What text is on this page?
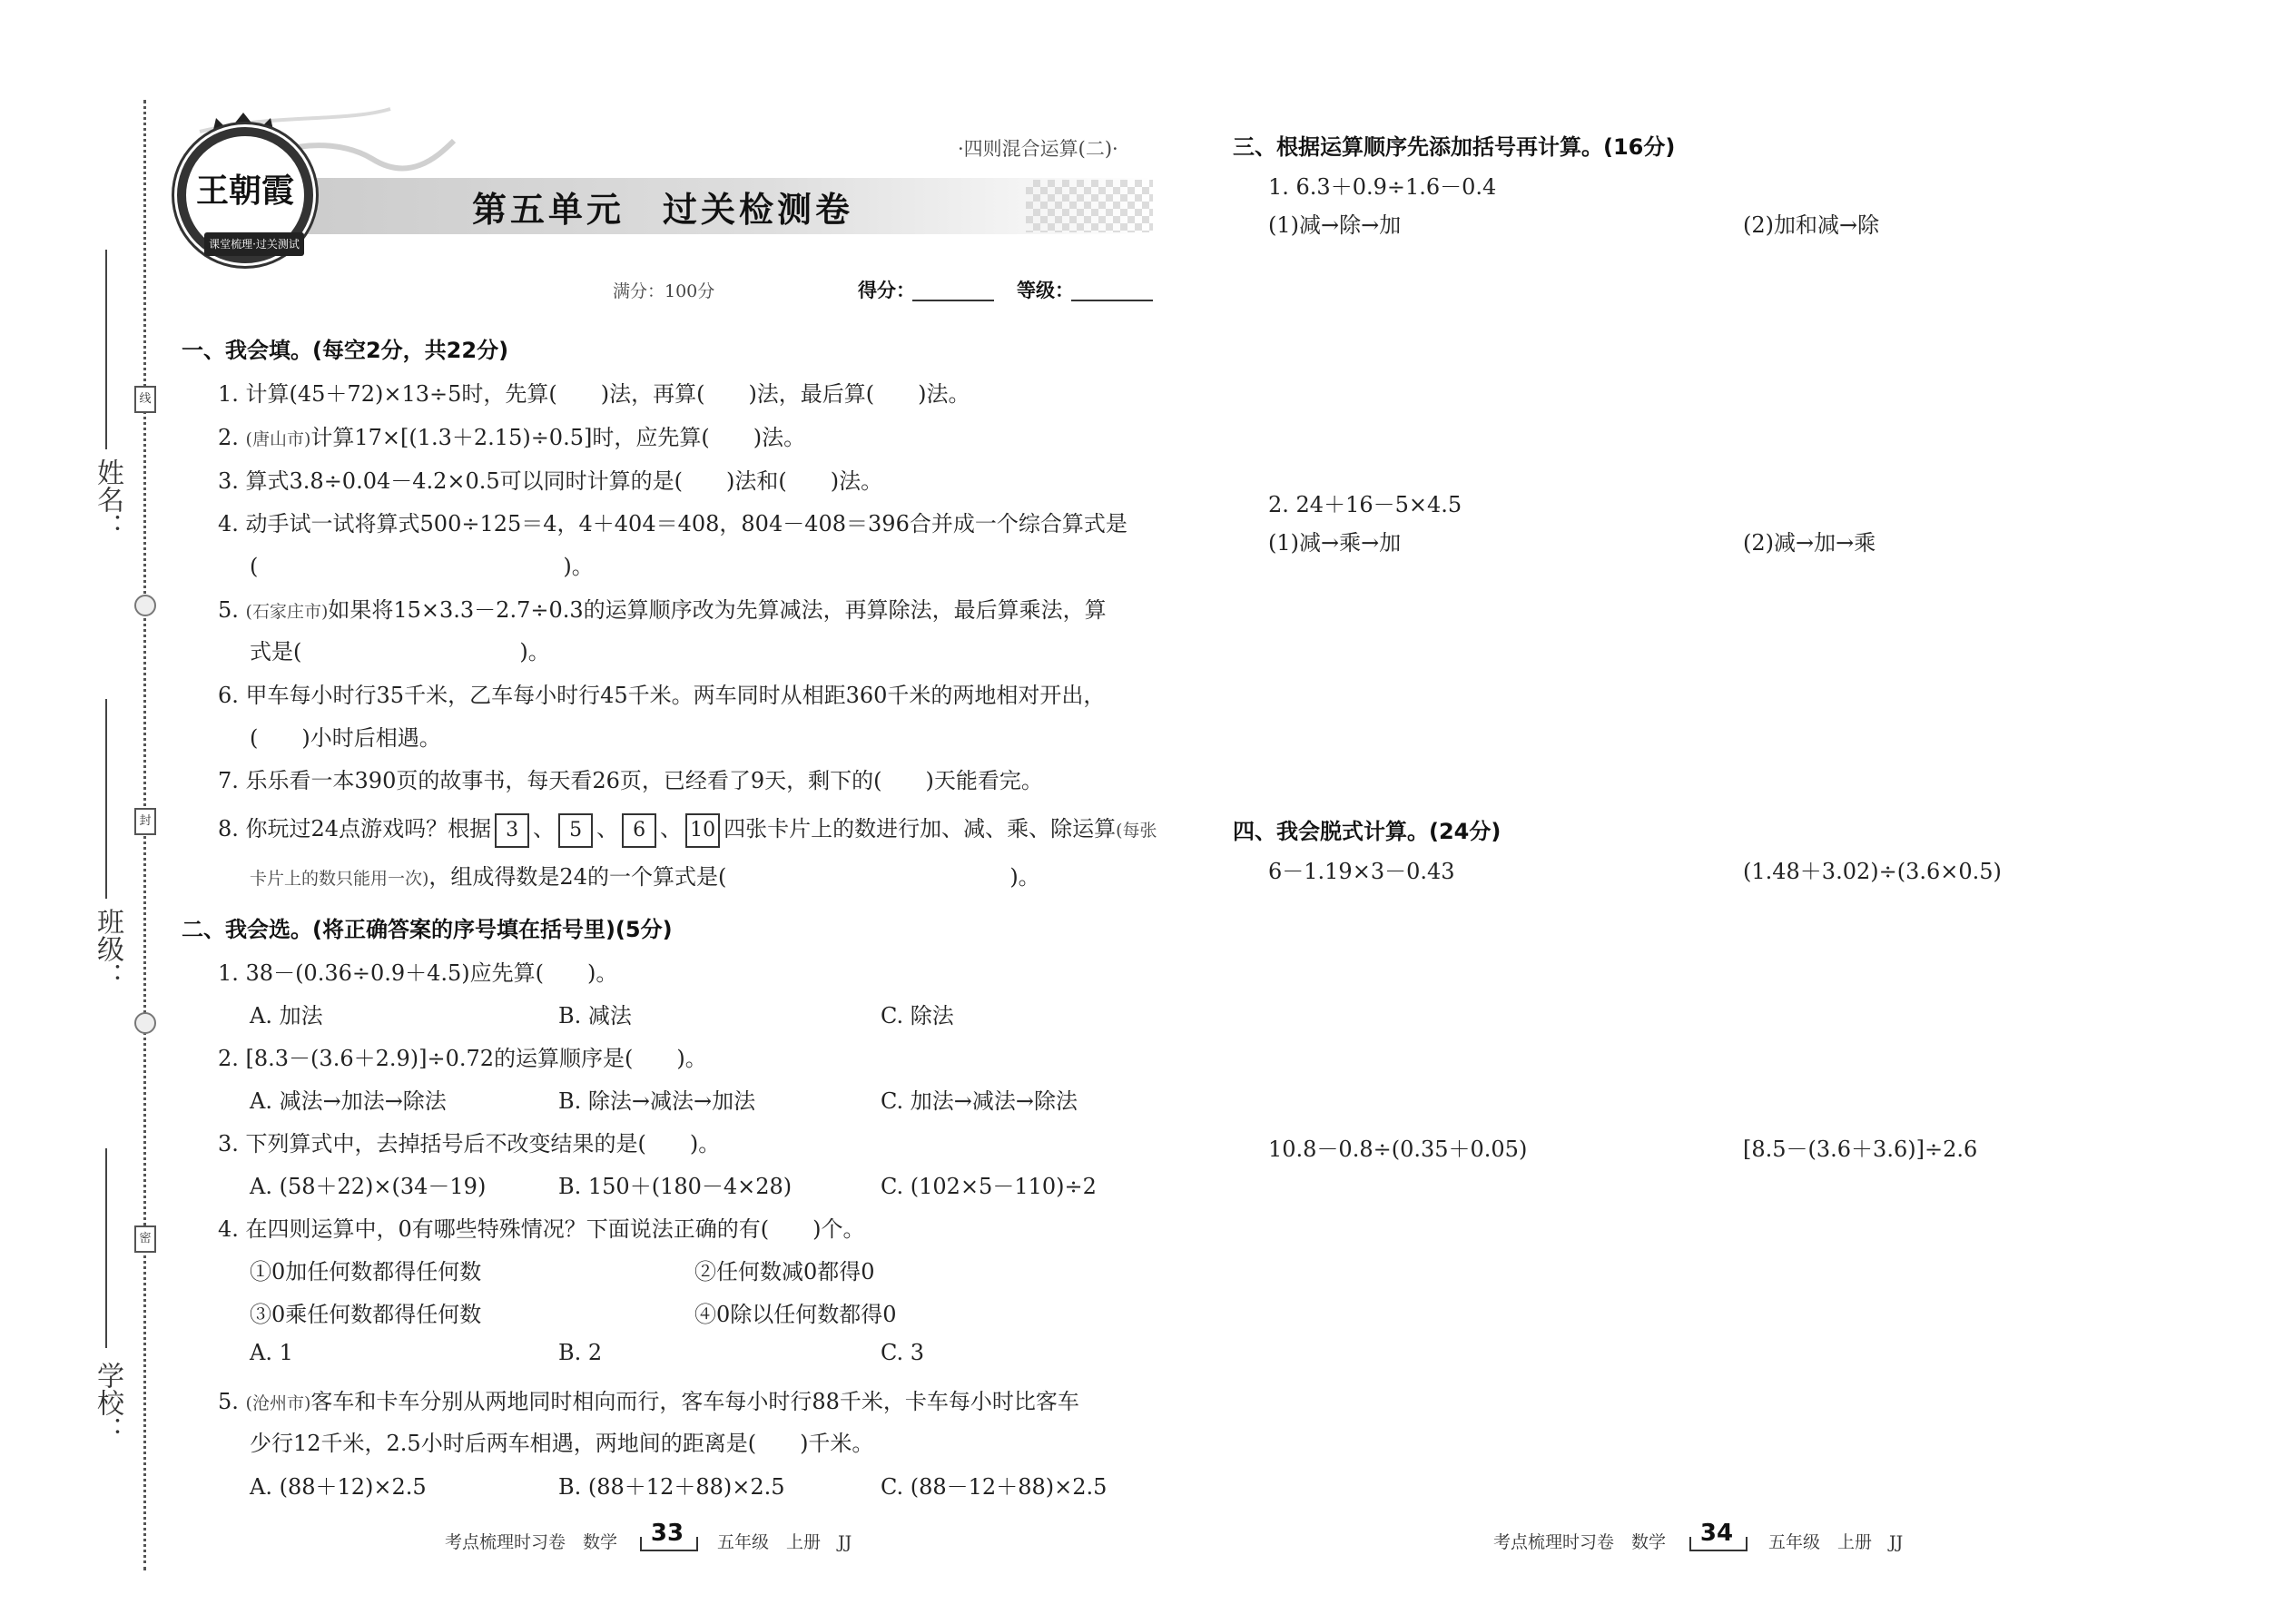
姓名：
班级：
学校：
线
封
密
王朝霞
课堂梳理·过关测试
·四则混合运算(二)·
第五单元　过关检测卷
满分：100分	得分：	等级：
一、我会填。(每空2分，共22分)
1. 计算(45＋72)×13÷5时，先算(　　)法，再算(　　)法，最后算(　　)法。
2. (唐山市)计算17×[(1.3＋2.15)÷0.5]时，应先算(　　)法。
3. 算式3.8÷0.04－4.2×0.5可以同时计算的是(　　)法和(　　)法。
4. 动手试一试将算式500÷125＝4，4＋404＝408，804－408＝396合并成一个综合算式是
(　　　　　　　　　　　　　　)。
5. (石家庄市)如果将15×3.3－2.7÷0.3的运算顺序改为先算减法，再算除法，最后算乘法，算
式是(　　　　　　　　　　)。
6. 甲车每小时行35千米，乙车每小时行45千米。两车同时从相距360千米的两地相对开出，
(　　)小时后相遇。
7. 乐乐看一本390页的故事书，每天看26页，已经看了9天，剩下的(　　)天能看完。
8. 你玩过24点游戏吗？根据 3 、 5 、 6 、 10 四张卡片上的数进行加、减、乘、除运算(每张
卡片上的数只能用一次)，组成得数是24的一个算式是(　　　　　　　　　　　　　)。
二、我会选。(将正确答案的序号填在括号里)(5分)
1. 38－(0.36÷0.9＋4.5)应先算(　　)。
A. 加法	B. 减法	C. 除法
2. [8.3－(3.6＋2.9)]÷0.72的运算顺序是(　　)。
A. 减法→加法→除法	B. 除法→减法→加法	C. 加法→减法→除法
3. 下列算式中，去掉括号后不改变结果的是(　　)。
A. (58＋22)×(34－19)	B. 150＋(180－4×28)	C. (102×5－110)÷2
4. 在四则运算中，0有哪些特殊情况？下面说法正确的有(　　)个。
①0加任何数都得任何数	②任何数减0都得0
③0乘任何数都得任何数	④0除以任何数都得0
A. 1	B. 2	C. 3
5. (沧州市)客车和卡车分别从两地同时相向而行，客车每小时行88千米，卡车每小时比客车
少行12千米，2.5小时后两车相遇，两地间的距离是(　　)千米。
A. (88＋12)×2.5	B. (88＋12＋88)×2.5	C. (88－12＋88)×2.5
考点梳理时习卷　数学 33 五年级　上册　JJ
三、根据运算顺序先添加括号再计算。(16分)
1. 6.3＋0.9÷1.6－0.4
(1)减→除→加	(2)加和减→除
2. 24＋16－5×4.5
(1)减→乘→加	(2)减→加→乘
四、我会脱式计算。(24分)
6－1.19×3－0.43	(1.48＋3.02)÷(3.6×0.5)
10.8－0.8÷(0.35＋0.05)	[8.5－(3.6＋3.6)]÷2.6
考点梳理时习卷　数学 34 五年级　上册　JJ
